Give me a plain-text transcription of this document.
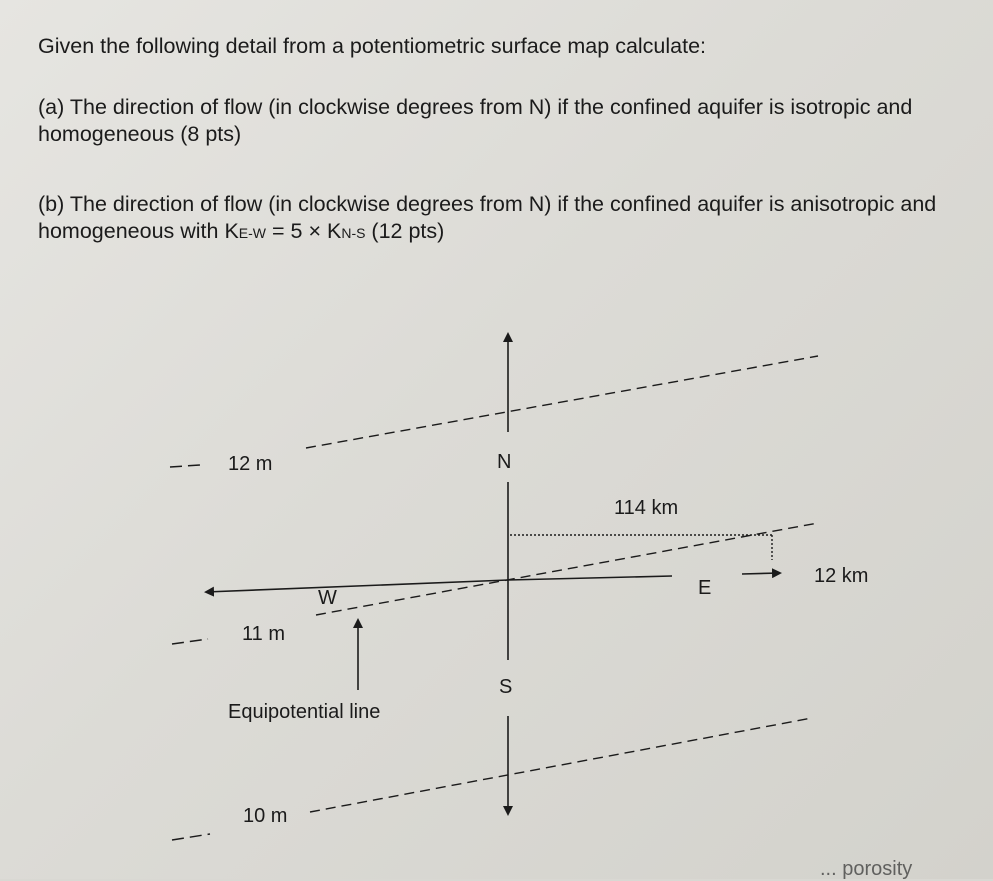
Given the following detail from a potentiometric surface map calculate:

(a) The direction of flow (in clockwise degrees from N) if the confined aquifer is isotropic and homogeneous (8 pts)

(b) The direction of flow (in clockwise degrees from N) if the confined aquifer is anisotropic and homogeneous with KE-W = 5 × KN-S (12 pts)

N
S
E
W
12 m
11 m
10 m
114 km
12 km
Equipotential line
... porosity
